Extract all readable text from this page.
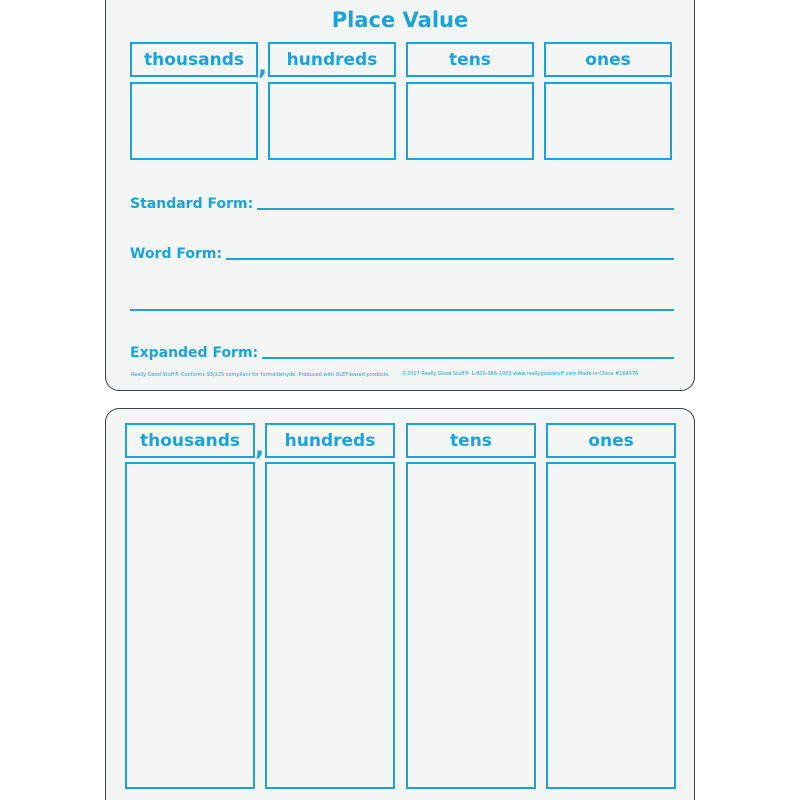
Place Value
thousands ,	hundreds	tens	ones
Standard Form:
Word Form:
Expanded Form:
Really Good Stuff® Conforms 93/125 compliant for formaldehyde. Produced with ULEF-based products. ©2017 Really Good Stuff® 1-800-366-1920 www.reallygoodstuff.com Made in China #164576
thousands ,	hundreds	tens	ones
